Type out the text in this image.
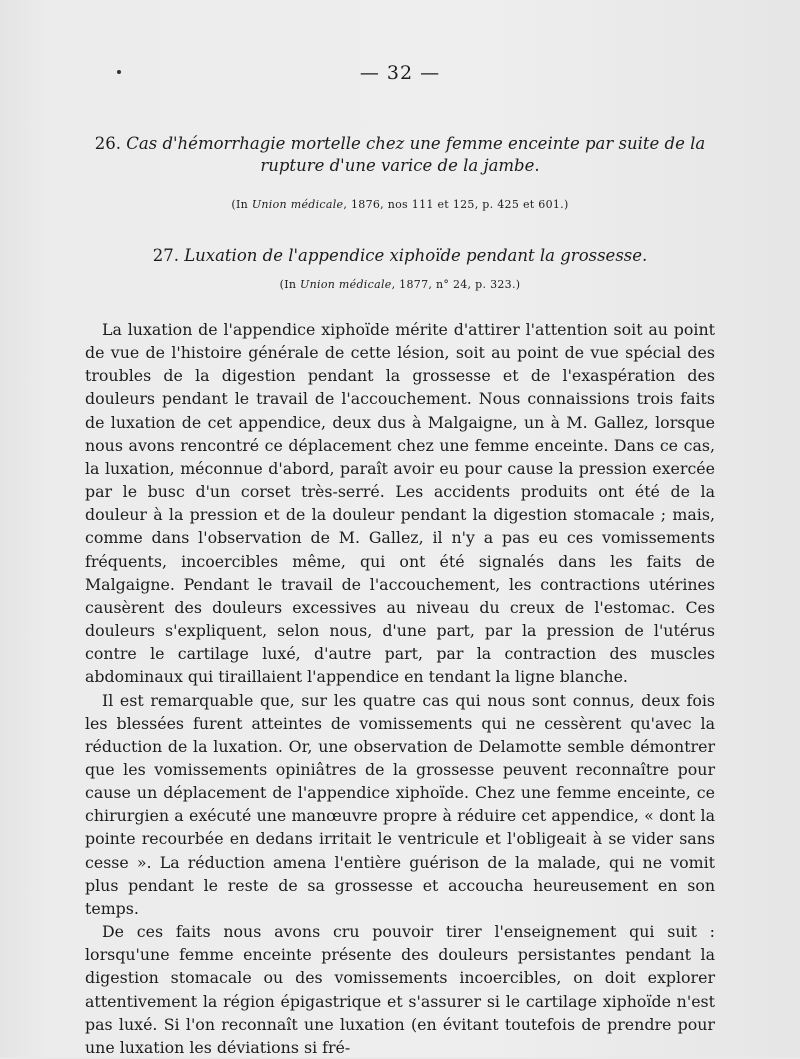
— 32 —
26. Cas d'hémorrhagie mortelle chez une femme enceinte par suite de la rupture d'une varice de la jambe.
(In Union médicale, 1876, nos 111 et 125, p. 425 et 601.)
27. Luxation de l'appendice xiphoïde pendant la grossesse.
(In Union médicale, 1877, n° 24, p. 323.)

La luxation de l'appendice xiphoïde mérite d'attirer l'attention soit au point de vue de l'histoire générale de cette lésion, soit au point de vue spécial des troubles de la digestion pendant la grossesse et de l'exaspération des douleurs pendant le travail de l'accouchement. Nous connaissions trois faits de luxation de cet appendice, deux dus à Malgaigne, un à M. Gallez, lorsque nous avons rencontré ce déplacement chez une femme enceinte. Dans ce cas, la luxation, méconnue d'abord, paraît avoir eu pour cause la pression exercée par le busc d'un corset très-serré. Les accidents produits ont été de la douleur à la pression et de la douleur pendant la digestion stomacale ; mais, comme dans l'observation de M. Gallez, il n'y a pas eu ces vomissements fréquents, incoercibles même, qui ont été signalés dans les faits de Malgaigne. Pendant le travail de l'accouchement, les contractions utérines causèrent des douleurs excessives au niveau du creux de l'estomac. Ces douleurs s'expliquent, selon nous, d'une part, par la pression de l'utérus contre le cartilage luxé, d'autre part, par la contraction des muscles abdominaux qui tiraillaient l'appendice en tendant la ligne blanche.

Il est remarquable que, sur les quatre cas qui nous sont connus, deux fois les blessées furent atteintes de vomissements qui ne cessèrent qu'avec la réduction de la luxation. Or, une observation de Delamotte semble démontrer que les vomissements opiniâtres de la grossesse peuvent reconnaître pour cause un déplacement de l'appendice xiphoïde. Chez une femme enceinte, ce chirurgien a exécuté une manœuvre propre à réduire cet appendice, « dont la pointe recourbée en dedans irritait le ventricule et l'obligeait à se vider sans cesse ». La réduction amena l'entière guérison de la malade, qui ne vomit plus pendant le reste de sa grossesse et accoucha heureusement en son temps.

De ces faits nous avons cru pouvoir tirer l'enseignement qui suit : lorsqu'une femme enceinte présente des douleurs persistantes pendant la digestion stomacale ou des vomissements incoercibles, on doit explorer attentivement la région épigastrique et s'assurer si le cartilage xiphoïde n'est pas luxé. Si l'on reconnaît une luxation (en évitant toutefois de prendre pour une luxation les déviations si fré-
